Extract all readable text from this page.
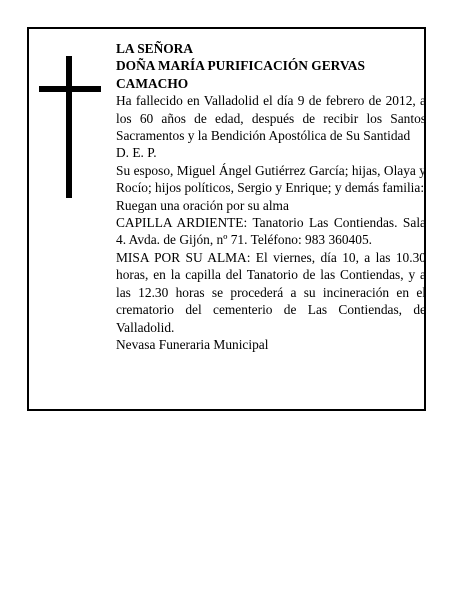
LA SEÑORA
DOÑA MARÍA PURIFICACIÓN GERVAS CAMACHO
Ha fallecido en Valladolid el día 9 de febrero de 2012, a los 60 años de edad, después de recibir los Santos Sacramentos y la Bendición Apostólica de Su Santidad
D. E. P.
Su esposo, Miguel Ángel Gutiérrez García; hijas, Olaya y Rocío; hijos políticos, Sergio y Enrique; y demás familia:
Ruegan una oración por su alma
CAPILLA ARDIENTE: Tanatorio Las Contiendas. Sala 4. Avda. de Gijón, nº 71. Teléfono: 983 360405.
MISA POR SU ALMA: El viernes, día 10, a las 10.30 horas, en la capilla del Tanatorio de las Contiendas, y a las 12.30 horas se procederá a su incineración en el crematorio del cementerio de Las Contiendas, de Valladolid.
Nevasa Funeraria Municipal
